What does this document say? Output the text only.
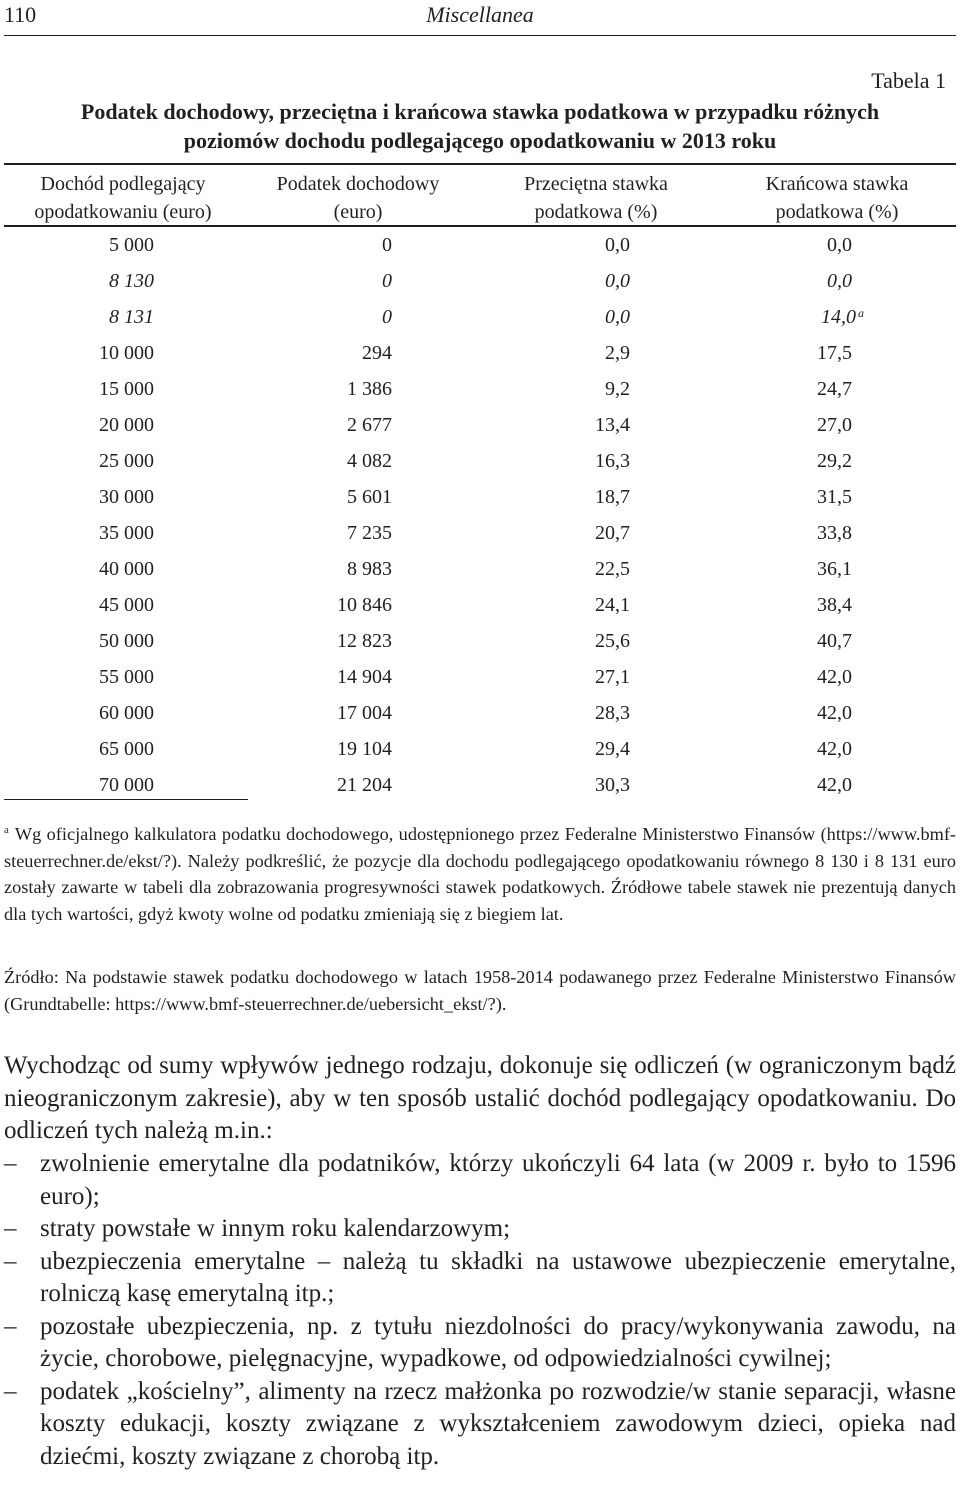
110	Miscellanea
Tabela 1
Podatek dochodowy, przeciętna i krańcowa stawka podatkowa w przypadku różnych
poziomów dochodu podlegającego opodatkowaniu w 2013 roku
Dochód podlegający
opodatkowaniu (euro)
Podatek dochodowy
(euro)
Przeciętna stawka
podatkowa (%)
Krańcowa stawka
podatkowa (%)
5 000	0	0,0	0,0
8 130	0	0,0	0,0
8 131	0	0,0	14,0 $^a$
10 000	294	2,9	17,5
15 000	1 386	9,2	24,7
20 000	2 677	13,4	27,0
25 000	4 082	16,3	29,2
30 000	5 601	18,7	31,5
35 000	7 235	20,7	33,8
40 000	8 983	22,5	36,1
45 000	10 846	24,1	38,4
50 000	12 823	25,6	40,7
55 000	14 904	27,1	42,0
60 000	17 004	28,3	42,0
65 000	19 104	29,4	42,0
70 000	21 204	30,3	42,0
$^a$ Wg oficjalnego kalkulatora podatku dochodowego, udostępnionego przez Federalne Ministerstwo Finansów (https://www.bmf-steuerrechner.de/ekst/?). Należy podkreślić, że pozycje dla dochodu podlegającego opodatkowaniu równego 8 130 i 8 131 euro zostały zawarte w tabeli dla zobrazowania progresywności stawek podatkowych. Źródłowe tabele stawek nie prezentują danych dla tych wartości, gdyż kwoty wolne od podatku zmieniają się z biegiem lat.
Źródło: Na podstawie stawek podatku dochodowego w latach 1958-2014 podawanego przez Federalne Ministerstwo Finansów (Grundtabelle: https://www.bmf-steuerrechner.de/uebersicht_ekst/?).
Wychodząc od sumy wpływów jednego rodzaju, dokonuje się odliczeń (w ograniczonym bądź nieograniczonym zakresie), aby w ten sposób ustalić dochód podlegający opodatkowaniu. Do odliczeń tych należą m.in.:
– zwolnienie emerytalne dla podatników, którzy ukończyli 64 lata (w 2009 r. było to 1596 euro);
– straty powstałe w innym roku kalendarzowym;
– ubezpieczenia emerytalne – należą tu składki na ustawowe ubezpieczenie emerytalne, rolniczą kasę emerytalną itp.;
– pozostałe ubezpieczenia, np. z tytułu niezdolności do pracy/wykonywania zawodu, na życie, chorobowe, pielęgnacyjne, wypadkowe, od odpowiedzialności cywilnej;
– podatek „kościelny”, alimenty na rzecz małżonka po rozwodzie/w stanie separacji, własne koszty edukacji, koszty związane z wykształceniem zawodowym dzieci, opieka nad dziećmi, koszty związane z chorobą itp.
